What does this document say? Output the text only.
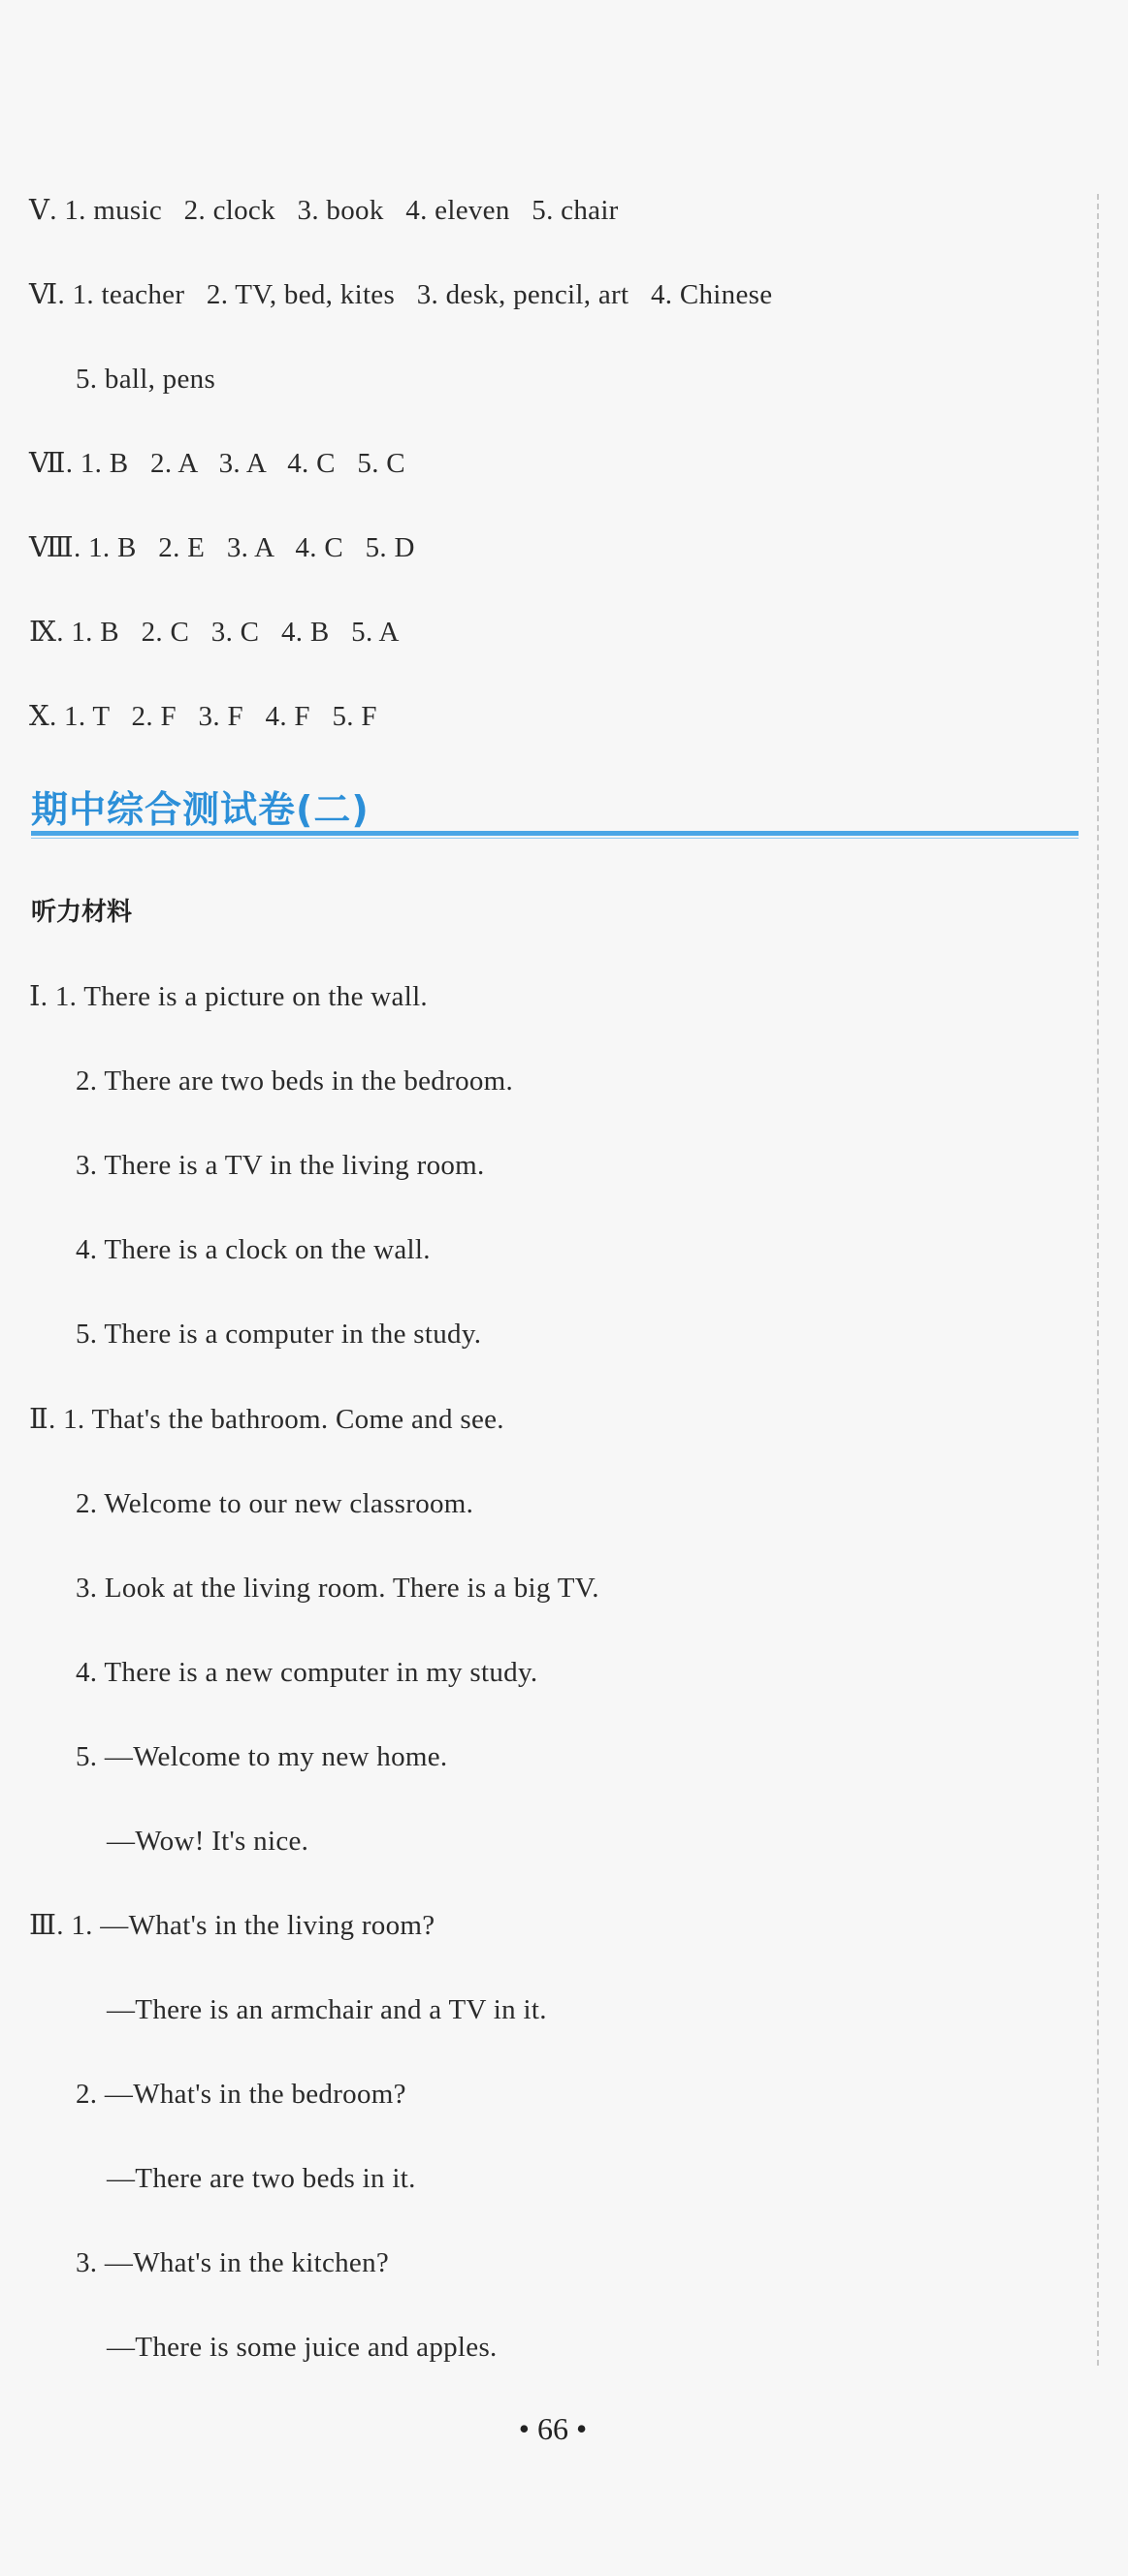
Ⅴ. 1. music   2. clock   3. book   4. eleven   5. chair
Ⅵ. 1. teacher   2. TV, bed, kites   3. desk, pencil, art   4. Chinese
5. ball, pens
Ⅶ. 1. B   2. A   3. A   4. C   5. C
Ⅷ. 1. B   2. E   3. A   4. C   5. D
Ⅸ. 1. B   2. C   3. C   4. B   5. A
Ⅹ. 1. T   2. F   3. F   4. F   5. F
期中综合测试卷(二)
听力材料
Ⅰ. 1. There is a picture on the wall.
2. There are two beds in the bedroom.
3. There is a TV in the living room.
4. There is a clock on the wall.
5. There is a computer in the study.
Ⅱ. 1. That's the bathroom. Come and see.
2. Welcome to our new classroom.
3. Look at the living room. There is a big TV.
4. There is a new computer in my study.
5. —Welcome to my new home.
—Wow! It's nice.
Ⅲ. 1. —What's in the living room?
—There is an armchair and a TV in it.
2. —What's in the bedroom?
—There are two beds in it.
3. —What's in the kitchen?
—There is some juice and apples.
• 66 •
